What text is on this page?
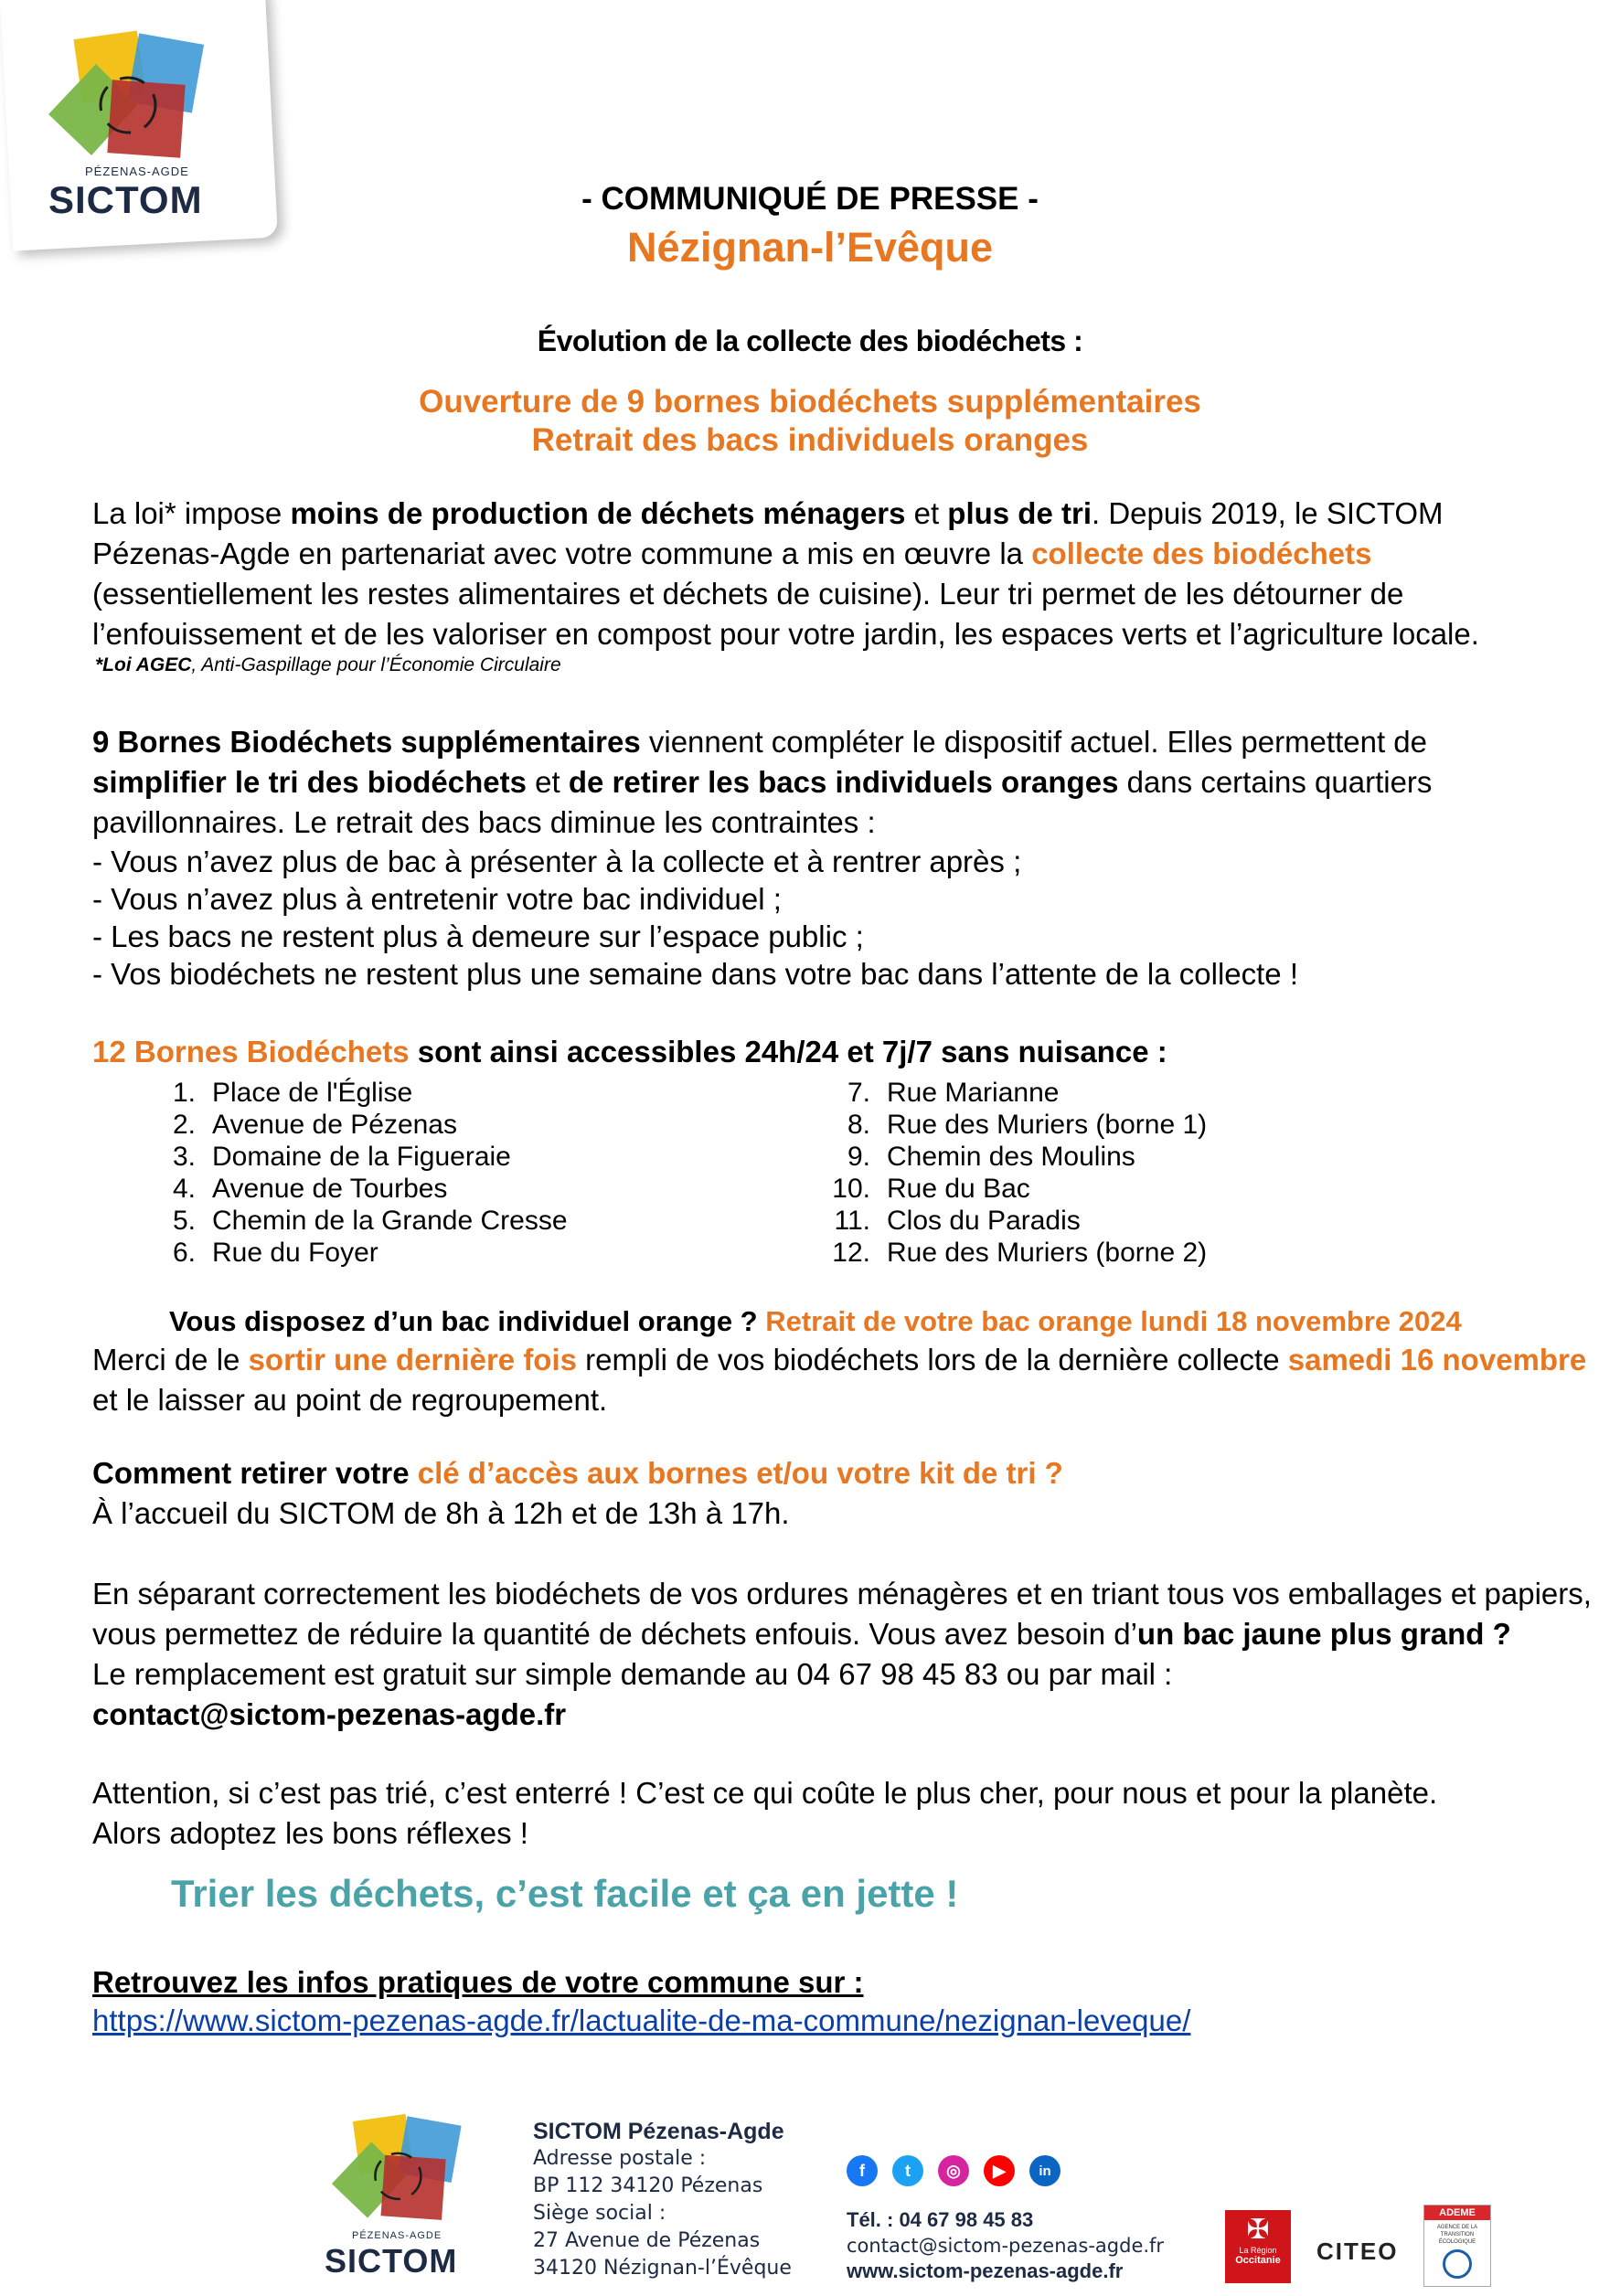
PÉZENAS-AGDE
SICTOM	- COMMUNIQUÉ DE PRESSE -
Nézignan-l’Evêque
Évolution de la collecte des biodéchets :
Ouverture de 9 bornes biodéchets supplémentaires
Retrait des bacs individuels oranges
La loi* impose moins de production de déchets ménagers et plus de tri. Depuis 2019, le SICTOM
Pézenas-Agde en partenariat avec votre commune a mis en œuvre la collecte des biodéchets
(essentiellement les restes alimentaires et déchets de cuisine). Leur tri permet de les détourner de
l’enfouissement et de les valoriser en compost pour votre jardin, les espaces verts et l’agriculture locale.
*Loi AGEC, Anti-Gaspillage pour l’Économie Circulaire
9 Bornes Biodéchets supplémentaires viennent compléter le dispositif actuel. Elles permettent de
simplifier le tri des biodéchets et de retirer les bacs individuels oranges dans certains quartiers
pavillonnaires. Le retrait des bacs diminue les contraintes :
- Vous n’avez plus de bac à présenter à la collecte et à rentrer après ;
- Vous n’avez plus à entretenir votre bac individuel ;
- Les bacs ne restent plus à demeure sur l’espace public ;
- Vos biodéchets ne restent plus une semaine dans votre bac dans l’attente de la collecte !
12 Bornes Biodéchets sont ainsi accessibles 24h/24 et 7j/7 sans nuisance :
1. Place de l'Église
2. Avenue de Pézenas
3. Domaine de la Figueraie
4. Avenue de Tourbes
5. Chemin de la Grande Cresse
6. Rue du Foyer
7. Rue Marianne
8. Rue des Muriers (borne 1)
9. Chemin des Moulins
10. Rue du Bac
11. Clos du Paradis
12. Rue des Muriers (borne 2)
Vous disposez d’un bac individuel orange ? Retrait de votre bac orange lundi 18 novembre 2024
Merci de le sortir une dernière fois rempli de vos biodéchets lors de la dernière collecte samedi 16 novembre
et le laisser au point de regroupement.
Comment retirer votre clé d’accès aux bornes et/ou votre kit de tri ?
À l’accueil du SICTOM de 8h à 12h et de 13h à 17h.
En séparant correctement les biodéchets de vos ordures ménagères et en triant tous vos emballages et papiers,
vous permettez de réduire la quantité de déchets enfouis. Vous avez besoin d’un bac jaune plus grand ?
Le remplacement est gratuit sur simple demande au 04 67 98 45 83 ou par mail :
contact@sictom-pezenas-agde.fr
Attention, si c’est pas trié, c’est enterré ! C’est ce qui coûte le plus cher, pour nous et pour la planète.
Alors adoptez les bons réflexes !
Trier les déchets, c’est facile et ça en jette !
Retrouvez les infos pratiques de votre commune sur :
https://www.sictom-pezenas-agde.fr/lactualite-de-ma-commune/nezignan-leveque/
PÉZENAS-AGDE
SICTOM
SICTOM Pézenas-Agde
Adresse postale :
BP 112 34120 Pézenas
Siège social :
27 Avenue de Pézenas
34120 Nézignan-l’Évêque
f	t	◎	▶	in
Tél. : 04 67 98 45 83
contact@sictom-pezenas-agde.fr
www.sictom-pezenas-agde.fr
✠
La Région
Occitanie	CITEO
ADEME
AGENCE DE LA TRANSITION ÉCOLOGIQUE
